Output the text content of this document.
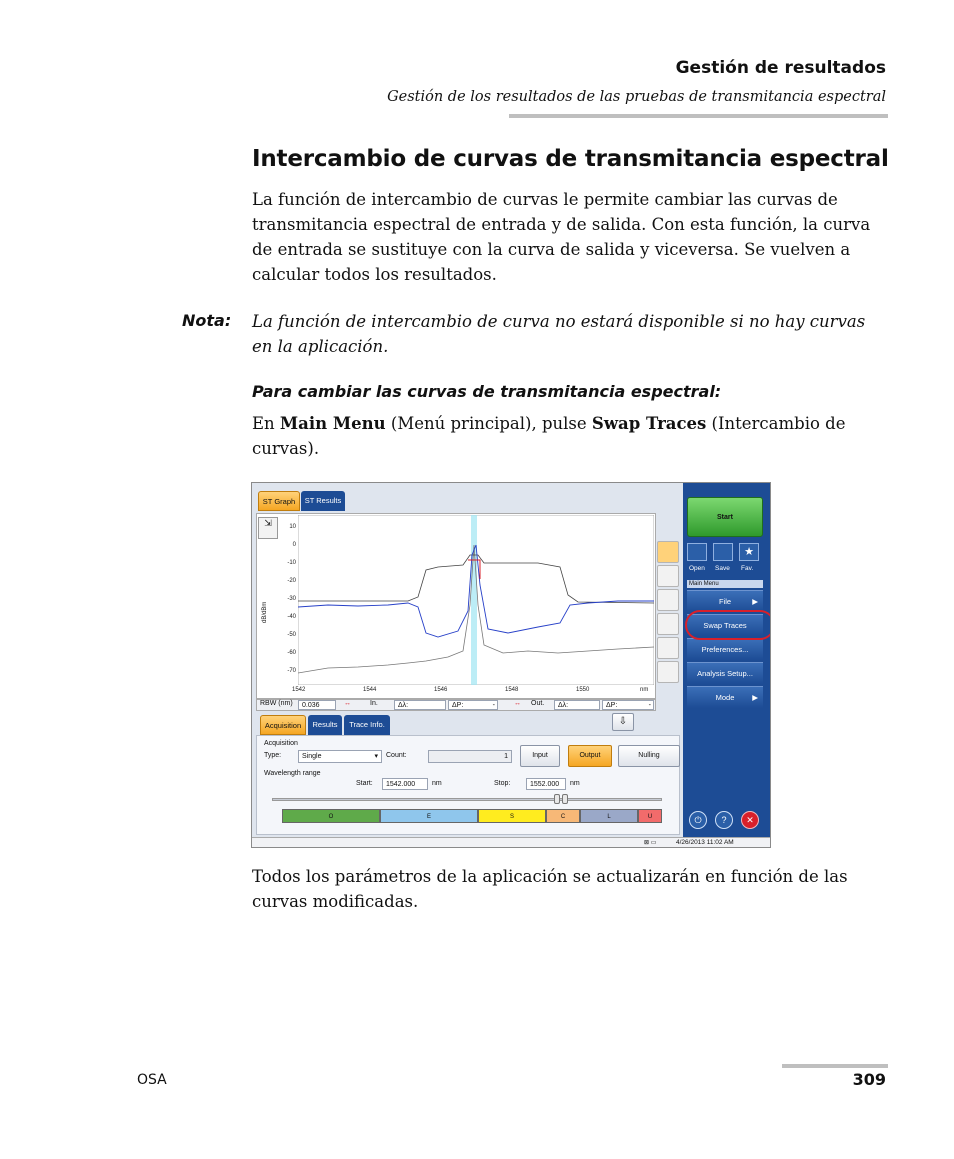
Gestión de resultados
Gestión de los resultados de las pruebas de transmitancia espectral
Intercambio de curvas de transmitancia espectral
La función de intercambio de curvas le permite cambiar las curvas de transmitancia espectral de entrada y de salida. Con esta función, la curva de entrada se sustituye con la curva de salida y viceversa. Se vuelven a calcular todos los resultados.
Nota: La función de intercambio de curva no estará disponible si no hay curvas en la aplicación.
Para cambiar las curvas de transmitancia espectral:
En Main Menu (Menú principal), pulse Swap Traces (Intercambio de curvas).
ST Graph	ST Results
⇲
dB/dBm
10
0
-10
-20
-30
-40
-50
-60
-70
1542	1544	1546	1548	1550	nm
RBW (nm)	0.036	↔	In.	Δλ:	ΔP:	-	↔ Out.	Δλ:	ΔP:	-
Acquisition	Results	Trace Info.	⇩
Acquisition
Type:	Single	▾ Count:	1	Input	Output	Nulling
Wavelength range
Start:	1542.000	nm	Stop:	1552.000	nm
O	E	S	C	L	U
Start
★
Open Save Fav.
Main Menu
File	▶
Swap Traces
Preferences...
Analysis Setup...
Mode ▶
⏻	?	✕
⊠ ▭	4/26/2013 11:02 AM
Todos los parámetros de la aplicación se actualizarán en función de las curvas modificadas.
OSA	309
